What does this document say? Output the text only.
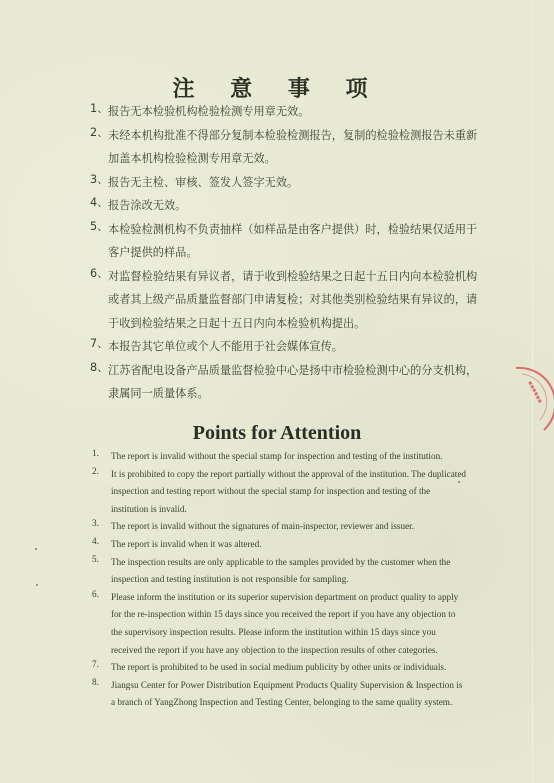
注 意 事 项
1、 报告无本检验机构检验检测专用章无效。
2、 未经本机构批准不得部分复制本检验检测报告，复制的检验检测报告未重新
加盖本机构检验检测专用章无效。
3、 报告无主检、审核、签发人签字无效。
4、 报告涂改无效。
5、 本检验检测机构不负责抽样（如样品是由客户提供）时，检验结果仅适用于
客户提供的样品。
6、 对监督检验结果有异议者，请于收到检验结果之日起十五日内向本检验机构
或者其上级产品质量监督部门申请复检；对其他类别检验结果有异议的，请
于收到检验结果之日起十五日内向本检验机构提出。
7、 本报告其它单位或个人不能用于社会媒体宣传。
8、 江苏省配电设备产品质量监督检验中心是扬中市检验检测中心的分支机构，
隶属同一质量体系。
Points for Attention
1. The report is invalid without the special stamp for inspection and testing of the institution.
2. It is prohibited to copy the report partially without the approval of the institution. The duplicated
inspection and testing report without the special stamp for inspection and testing of the
institution is invalid.
3. The report is invalid without the signatures of main-inspector, reviewer and issuer.
4. The report is invalid when it was altered.
5. The inspection results are only applicable to the samples provided by the customer when the
inspection and testing institution is not responsible for sampling.
6. Please inform the institution or its superior supervision department on product quality to apply
for the re-inspection within 15 days since you received the report if you have any objection to
the supervisory inspection results. Please inform the institution within 15 days since you
received the report if you have any objection to the inspection results of other categories.
7. The report is prohibited to be used in social medium publicity by other units or individuals.
8. Jiangsu Center for Power Distribution Equipment Products Quality Supervision & Inspection is
a branch of YangZhong Inspection and Testing Center, belonging to the same quality system.
▪▪▪▪▪▪
